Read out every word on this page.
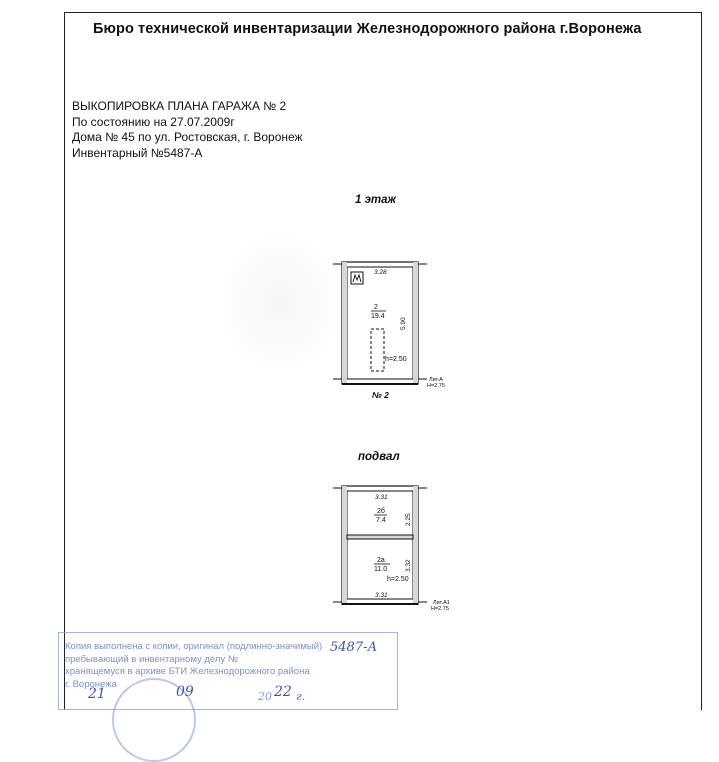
Бюро технической инвентаризации Железнодорожного района г.Воронежа
ВЫКОПИРОВКА ПЛАНА ГАРАЖА № 2
По состоянию на 27.07.2009г
Дома № 45 по ул. Ростовская, г. Воронеж
Инвентарный №5487-А
1 этаж
подвал
3.28
2
19.4
5.90
h=2.50
Лит.А
H=2.75
№ 2
3.31
2б
7.4	2.25
2а
11.0	3.32
h=2.50
3.31
Лит.А1
H=2.75
Копия выполнена с копии, оригинал (подлинно-значимый)
пребывающий в инвентарному делу №
хранящемуся в архиве БТИ Железнодорожного района
г. Воронежа
5487-А
21	09	20 22 г.
